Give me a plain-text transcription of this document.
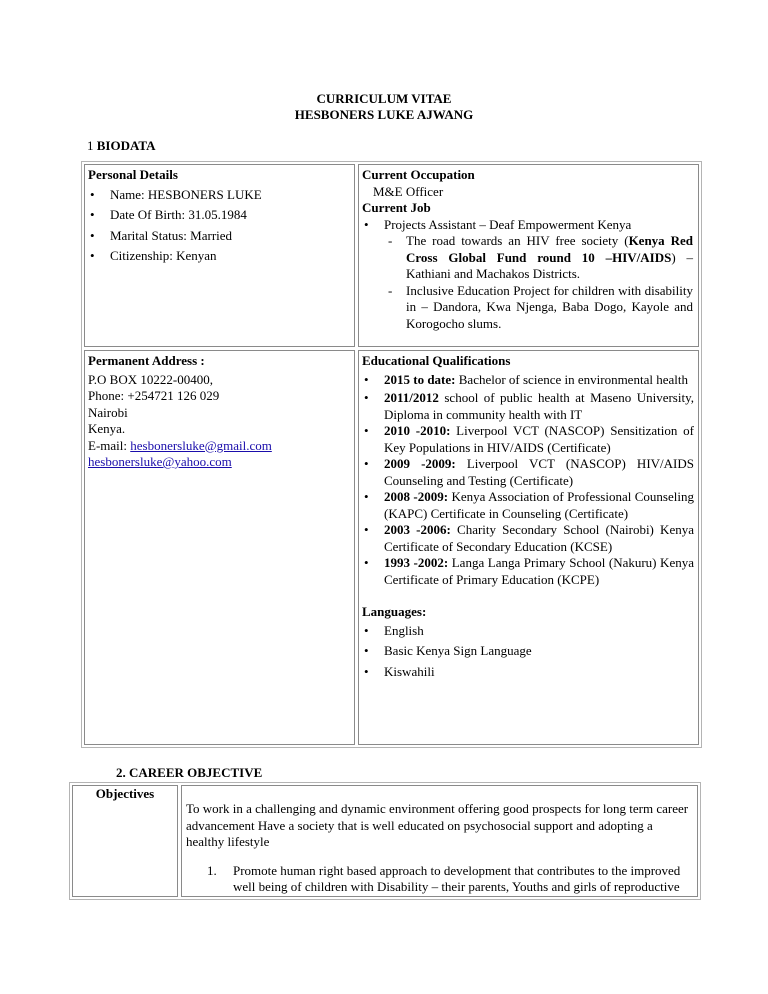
CURRICULUM VITAE
HESBONERS LUKE AJWANG
1 BIODATA
Personal Details
• Name: HESBONERS LUKE
• Date Of Birth: 31.05.1984
• Marital Status: Married
• Citizenship: Kenyan
Current Occupation
M&E Officer
Current Job
• Projects Assistant – Deaf Empowerment Kenya
- The road towards an HIV free society (Kenya Red Cross Global Fund round 10 –HIV/AIDS) – Kathiani and Machakos Districts.
- Inclusive Education Project for children with disability in – Dandora, Kwa Njenga, Baba Dogo, Kayole and Korogocho slums.
Permanent Address :
P.O BOX 10222-00400,
Phone: +254721 126 029
Nairobi
Kenya.
E-mail: hesbonersluke@gmail.com
hesbonersluke@yahoo.com
Educational Qualifications
• 2015 to date: Bachelor of science in environmental health
• 2011/2012 school of public health at Maseno University, Diploma in community health with IT
• 2010 -2010: Liverpool VCT (NASCOP) Sensitization of Key Populations in HIV/AIDS (Certificate)
• 2009 -2009: Liverpool VCT (NASCOP) HIV/AIDS Counseling and Testing (Certificate)
• 2008 -2009: Kenya Association of Professional Counseling (KAPC) Certificate in Counseling (Certificate)
• 2003 -2006: Charity Secondary School (Nairobi) Kenya Certificate of Secondary Education (KCSE)
• 1993 -2002: Langa Langa Primary School (Nakuru) Kenya Certificate of Primary Education (KCPE)
Languages:
• English
• Basic Kenya Sign Language
• Kiswahili
2. CAREER OBJECTIVE
Objectives
To work in a challenging and dynamic environment offering good prospects for long term career advancement Have a society that is well educated on psychosocial support and adopting a healthy lifestyle
1. Promote human right based approach to development that contributes to the improved well being of children with Disability – their parents, Youths and girls of reproductive
